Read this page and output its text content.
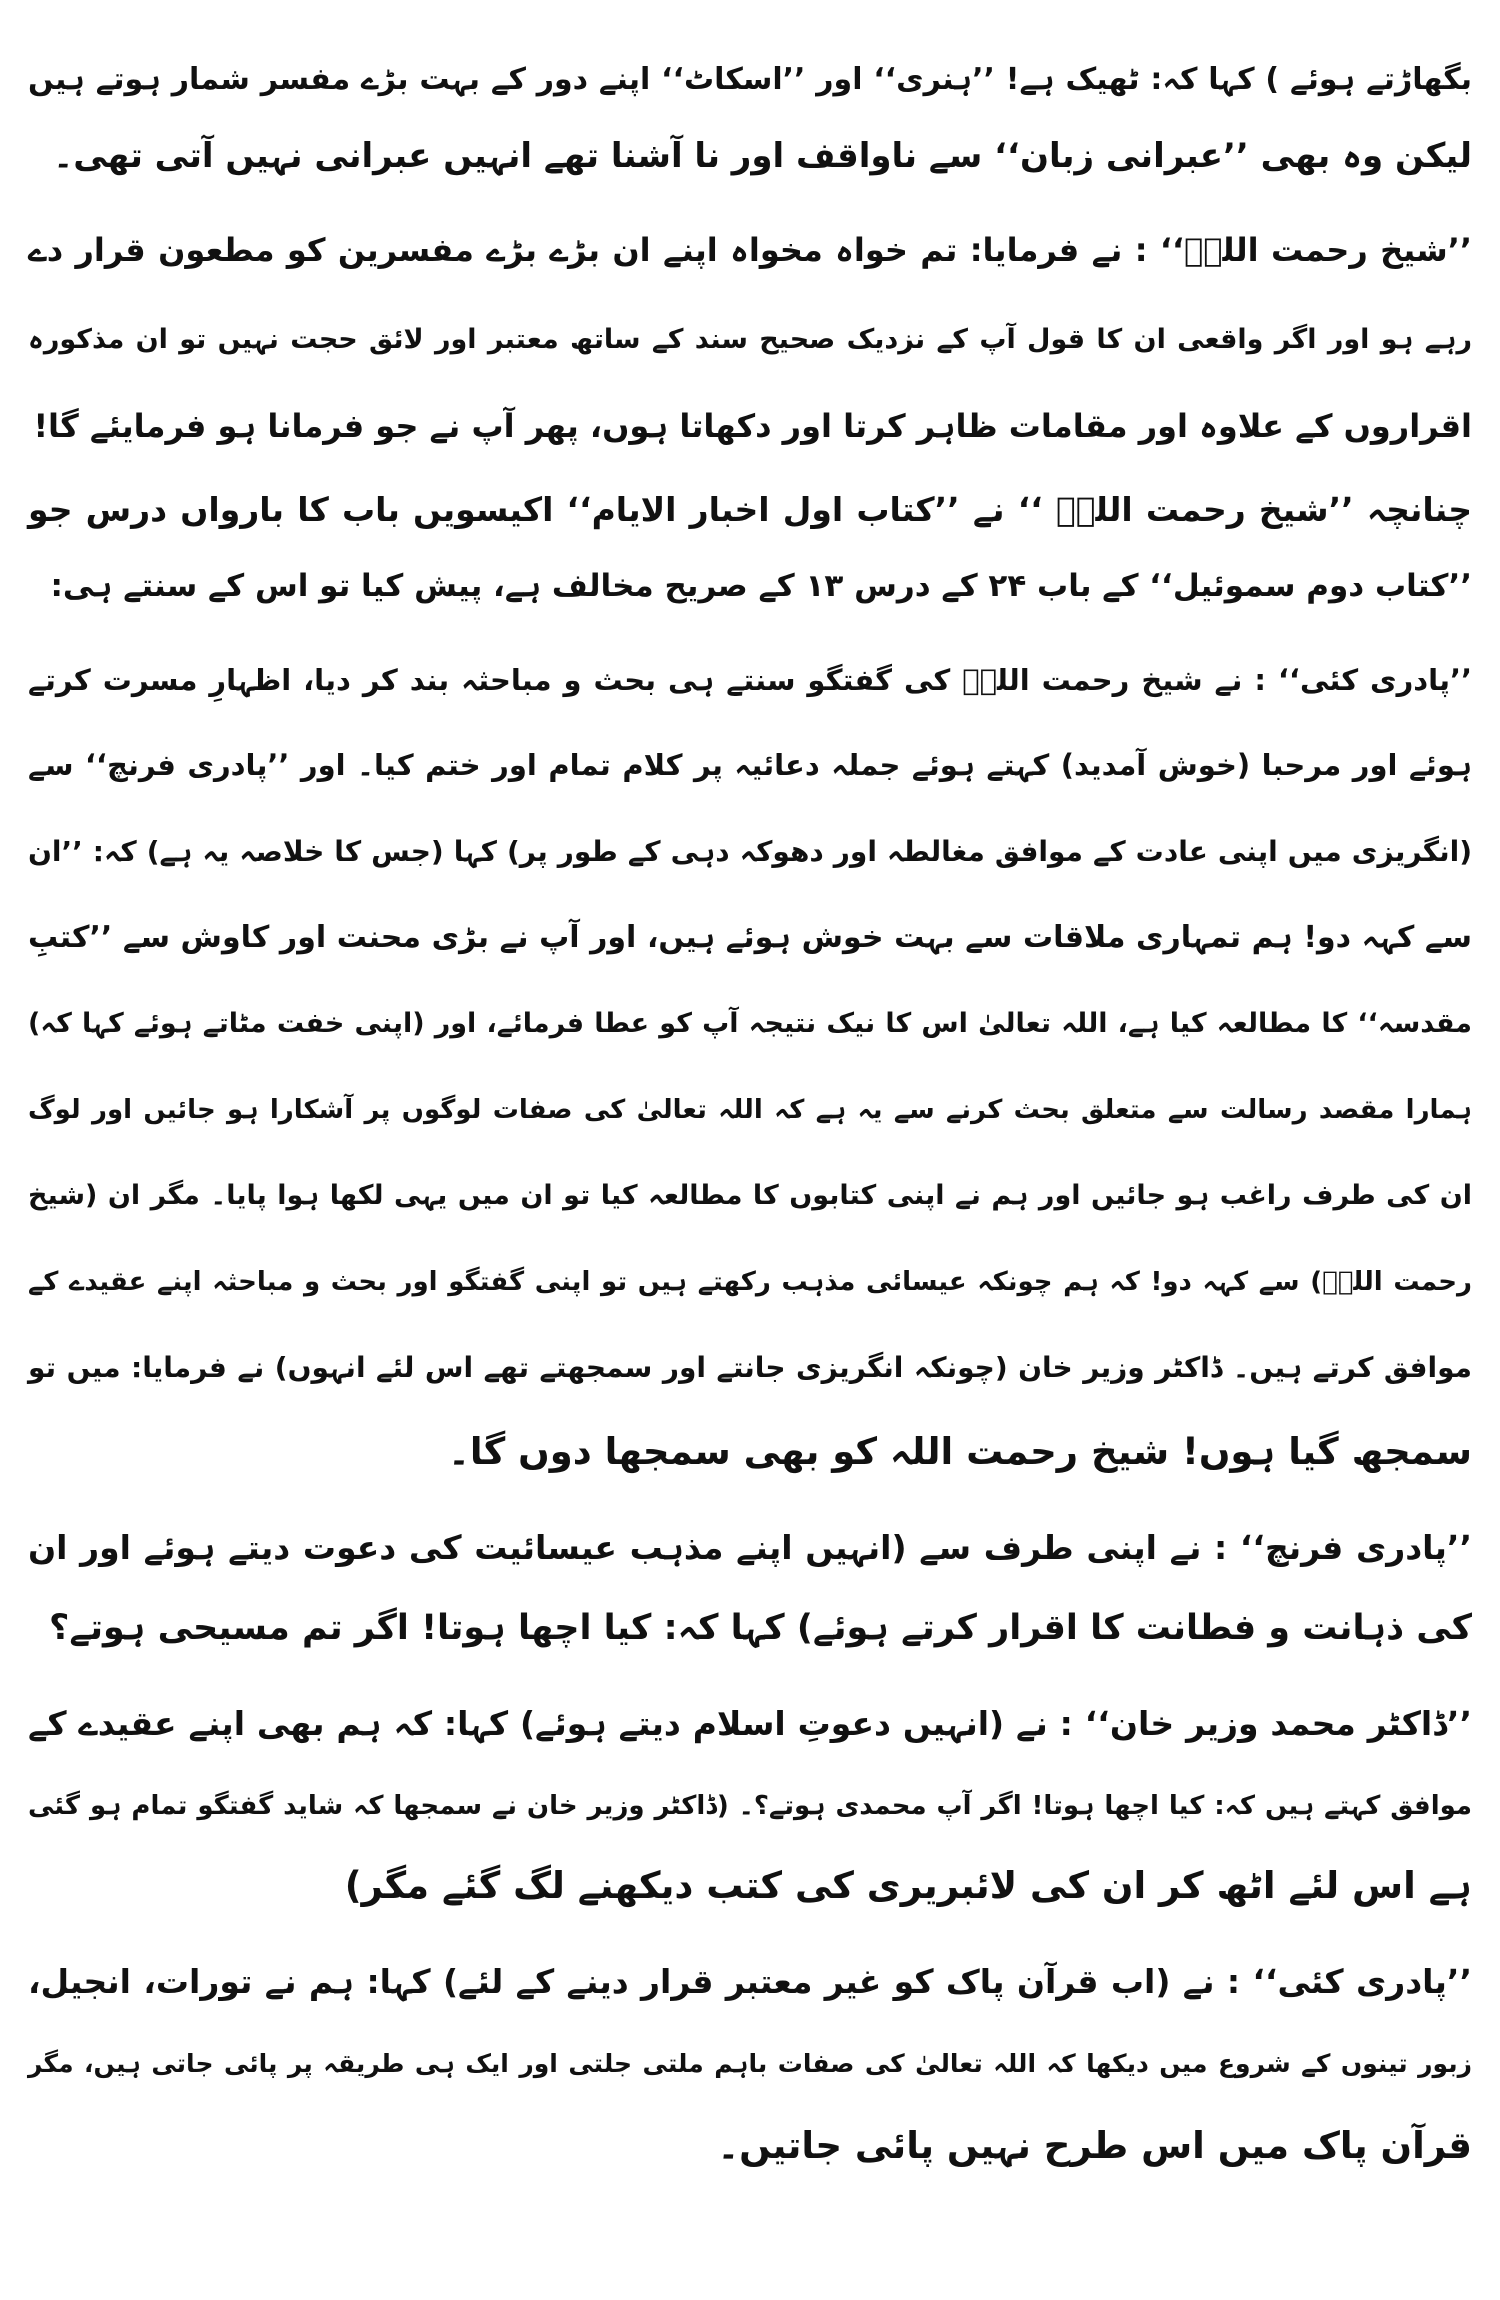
بگھاڑتے ہوئے ) کہا کہ: ٹھیک ہے! ’’ہنری‘‘ اور ’’اسکاٹ‘‘ اپنے دور کے بہت بڑے مفسر شمار ہوتے ہیں
لیکن وہ بھی ’’عبرانی زبان‘‘ سے ناواقف اور نا آشنا تھے انہیں عبرانی نہیں آتی تھی۔
’’شیخ رحمت اللہؒ‘‘ : نے فرمایا: تم خواہ مخواہ اپنے ان بڑے بڑے مفسرین کو مطعون قرار دے
رہے ہو اور اگر واقعی ان کا قول آپ کے نزدیک صحیح سند کے ساتھ معتبر اور لائق حجت نہیں تو ان مذکورہ
اقراروں کے علاوہ اور مقامات ظاہر کرتا اور دکھاتا ہوں، پھر آپ نے جو فرمانا ہو فرمایئے گا!
چنانچہ ’’شیخ رحمت اللہؒ ‘‘ نے ’’کتاب اول اخبار الایام‘‘ اکیسویں باب کا بارواں درس جو
’’کتاب دوم سموئیل‘‘ کے باب ۲۴ کے درس ۱۳ کے صریح مخالف ہے، پیش کیا تو اس کے سنتے ہی:
’’پادری کئی‘‘ : نے شیخ رحمت اللہؒ کی گفتگو سنتے ہی بحث و مباحثہ بند کر دیا، اظہارِ مسرت کرتے
ہوئے اور مرحبا (خوش آمدید) کہتے ہوئے جملہ دعائیہ پر کلام تمام اور ختم کیا۔ اور ’’پادری فرنچ‘‘ سے
(انگریزی میں اپنی عادت کے موافق مغالطہ اور دھوکہ دہی کے طور پر) کہا (جس کا خلاصہ یہ ہے) کہ: ’’ان
سے کہہ دو! ہم تمہاری ملاقات سے بہت خوش ہوئے ہیں، اور آپ نے بڑی محنت اور کاوش سے ’’کتبِ
مقدسہ‘‘ کا مطالعہ کیا ہے، اللہ تعالیٰ اس کا نیک نتیجہ آپ کو عطا فرمائے، اور (اپنی خفت مٹاتے ہوئے کہا کہ)
ہمارا مقصد رسالت سے متعلق بحث کرنے سے یہ ہے کہ اللہ تعالیٰ کی صفات لوگوں پر آشکارا ہو جائیں اور لوگ
ان کی طرف راغب ہو جائیں اور ہم نے اپنی کتابوں کا مطالعہ کیا تو ان میں یہی لکھا ہوا پایا۔ مگر ان (شیخ
رحمت اللہؒ) سے کہہ دو! کہ ہم چونکہ عیسائی مذہب رکھتے ہیں تو اپنی گفتگو اور بحث و مباحثہ اپنے عقیدے کے
موافق کرتے ہیں۔ ڈاکٹر وزیر خان (چونکہ انگریزی جانتے اور سمجھتے تھے اس لئے انہوں) نے فرمایا: میں تو
سمجھ گیا ہوں! شیخ رحمت اللہ کو بھی سمجھا دوں گا۔
’’پادری فرنچ‘‘ : نے اپنی طرف سے (انہیں اپنے مذہب عیسائیت کی دعوت دیتے ہوئے اور ان
کی ذہانت و فطانت کا اقرار کرتے ہوئے) کہا کہ: کیا اچھا ہوتا! اگر تم مسیحی ہوتے؟
’’ڈاکٹر محمد وزیر خان‘‘ : نے (انہیں دعوتِ اسلام دیتے ہوئے) کہا: کہ ہم بھی اپنے عقیدے کے
موافق کہتے ہیں کہ: کیا اچھا ہوتا! اگر آپ محمدی ہوتے؟۔ (ڈاکٹر وزیر خان نے سمجھا کہ شاید گفتگو تمام ہو گئی
ہے اس لئے اٹھ کر ان کی لائبریری کی کتب دیکھنے لگ گئے مگر)
’’پادری کئی‘‘ : نے (اب قرآن پاک کو غیر معتبر قرار دینے کے لئے) کہا: ہم نے تورات، انجیل،
زبور تینوں کے شروع میں دیکھا کہ اللہ تعالیٰ کی صفات باہم ملتی جلتی اور ایک ہی طریقہ پر پائی جاتی ہیں، مگر
قرآن پاک میں اس طرح نہیں پائی جاتیں۔
